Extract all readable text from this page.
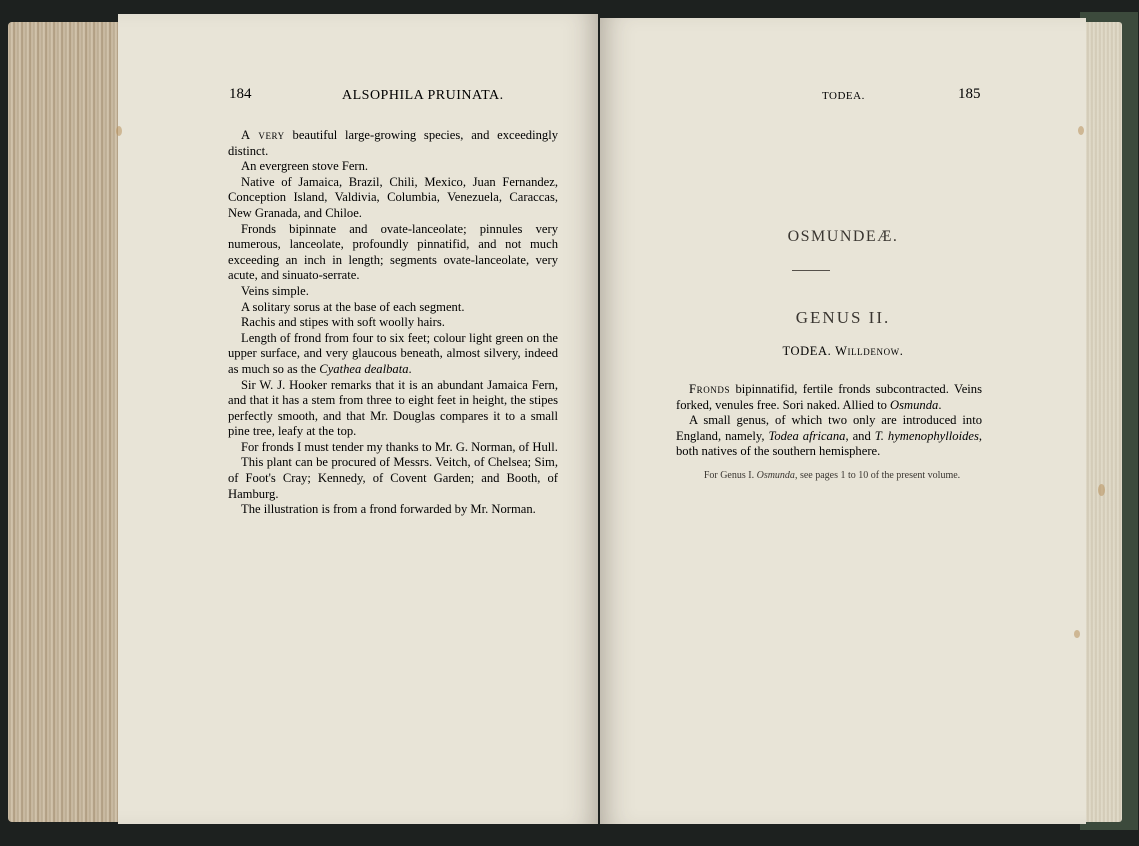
184	ALSOPHILA PRUINATA.

A very beautiful large-growing species, and exceedingly distinct.

An evergreen stove Fern.

Native of Jamaica, Brazil, Chili, Mexico, Juan Fernandez, Conception Island, Valdivia, Columbia, Venezuela, Caraccas, New Granada, and Chiloe.

Fronds bipinnate and ovate-lanceolate; pinnules very numerous, lanceolate, profoundly pinnatifid, and not much exceeding an inch in length; segments ovate-lanceolate, very acute, and sinuato-serrate.

Veins simple.

A solitary sorus at the base of each segment.

Rachis and stipes with soft woolly hairs.

Length of frond from four to six feet; colour light green on the upper surface, and very glaucous beneath, almost silvery, indeed as much so as the Cyathea dealbata.

Sir W. J. Hooker remarks that it is an abundant Jamaica Fern, and that it has a stem from three to eight feet in height, the stipes perfectly smooth, and that Mr. Douglas compares it to a small pine tree, leafy at the top.

For fronds I must tender my thanks to Mr. G. Norman, of Hull.

This plant can be procured of Messrs. Veitch, of Chelsea; Sim, of Foot's Cray; Kennedy, of Covent Garden; and Booth, of Hamburg.

The illustration is from a frond forwarded by Mr. Norman.

TODEA.	185
OSMUNDEÆ.
GENUS II.
TODEA. Willdenow.

Fronds bipinnatifid, fertile fronds subcontracted. Veins forked, venules free. Sori naked. Allied to Osmunda.

A small genus, of which two only are introduced into England, namely, Todea africana, and T. hymenophylloides, both natives of the southern hemisphere.

For Genus I. Osmunda, see pages 1 to 10 of the present volume.
